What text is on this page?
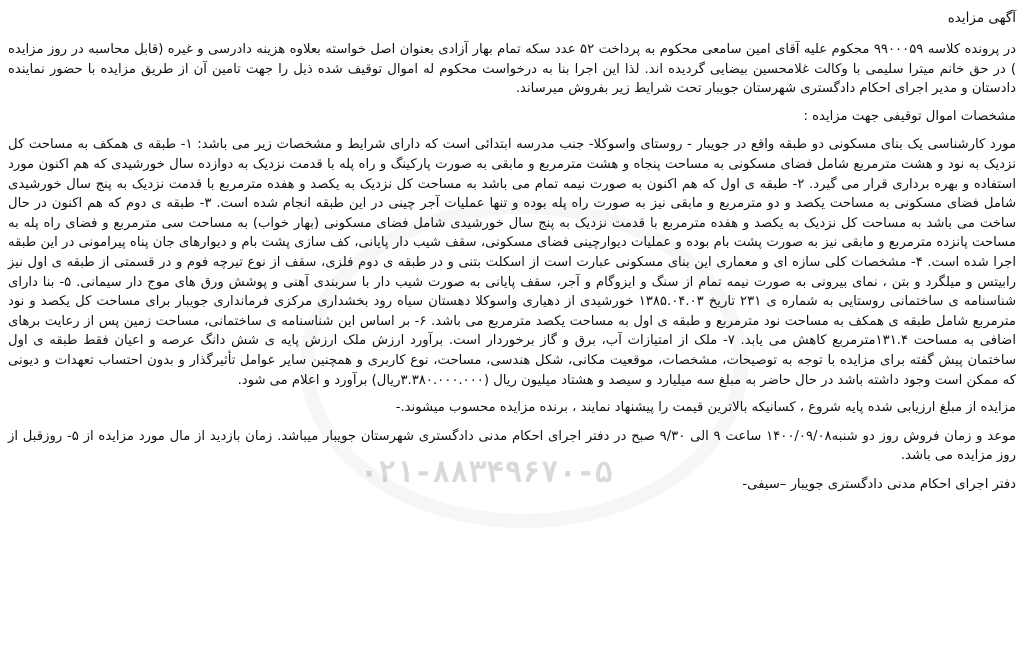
آگهی مزایده

در پرونده کلاسه ۹۹۰۰۰۵۹ محکوم علیه آقای امین سامعی محکوم به پرداخت ۵۲ عدد سکه تمام بهار آزادی بعنوان اصل خواسته بعلاوه هزینه دادرسی و غیره (قابل محاسبه در روز مزایده ) در حق خانم میترا سلیمی با وکالت غلامحسین بیضایی گردیده اند. لذا این اجرا بنا به درخواست محکوم له اموال توقیف شده ذیل را جهت تامین آن از طریق مزایده با حضور نماینده دادستان و مدیر اجرای احکام دادگستری شهرستان جویبار تحت شرایط زیر بفروش میرساند.

مشخصات اموال توقیفی جهت مزایده :

مورد کارشناسی یک بنای مسکونی دو طبقه واقع در جویبار - روستای واسوکلا- جنب مدرسه ابتدائی است که دارای شرایط و مشخصات زیر می باشد: ۱- طبقه ی همکف به مساحت کل نزدیک به نود و هشت مترمربع شامل فضای مسکونی به مساحت پنجاه و هشت مترمربع و مابقی به صورت پارکینگ و راه پله با قدمت نزدیک به دوازده سال خورشیدی که هم اکنون مورد استفاده و بهره برداری قرار می گیرد. ۲- طبقه ی اول که هم اکنون به صورت نیمه تمام می باشد به مساحت کل نزدیک به یکصد و هفده مترمربع با قدمت نزدیک به پنج سال خورشیدی شامل فضای مسکونی به مساحت یکصد و دو مترمربع و مابقی نیز به صورت راه پله بوده و تنها عملیات آجر چینی در این طبقه انجام شده است. ۳- طبقه ی دوم که هم اکنون در حال ساخت می باشد به مساحت کل نزدیک به یکصد و هفده مترمربع با قدمت نزدیک به پنج سال خورشیدی شامل فضای مسکونی (بهار خواب) به مساحت سی مترمربع و فضای راه پله به مساحت پانزده مترمربع و مابقی نیز به صورت پشت بام بوده و عملیات دیوارچینی فضای مسکونی، سقف شیب دار پایانی، کف سازی پشت بام و دیوارهای جان پناه پیرامونی در این طبقه اجرا شده است. ۴- مشخصات کلی سازه ای و معماری این بنای مسکونی عبارت است از اسکلت بتنی و در طبقه ی دوم فلزی، سقف از نوع تیرچه فوم و در قسمتی از طبقه ی اول نیز رابیتس و میلگرد و بتن ، نمای بیرونی به صورت نیمه تمام از سنگ و ایزوگام و آجر، سقف پایانی به صورت شیب دار با سربندی آهنی و پوشش ورق های موج دار سیمانی. ۵- بنا دارای شناسنامه ی ساختمانی روستایی به شماره ی ۲۳۱ تاریخ ۱۳۸۵.۰۴.۰۳ خورشیدی از دهیاری واسوکلا دهستان سیاه رود بخشداری مرکزی فرمانداری جویبار برای مساحت کل یکصد و نود مترمربع شامل طبقه ی همکف به مساحت نود مترمربع و طبقه ی اول به مساحت یکصد مترمربع می باشد. ۶- بر اساس این شناسنامه ی ساختمانی، مساحت زمین پس از رعایت برهای اضافی به مساحت ۱۳۱.۴مترمربع کاهش می یابد. ۷- ملک از امتیازات آب، برق و گاز برخوردار است. برآورد ارزش ملک ارزش پایه ی شش دانگ عرصه و اعیان فقط طبقه ی اول ساختمان پیش گفته برای مزایده با توجه به توصیحات، مشخصات، موقعیت مکانی، شکل هندسی، مساحت، نوع کاربری و همچنین سایر عوامل تأثیرگذار و بدون احتساب تعهدات و دیونی که ممکن است وجود داشته باشد در حال حاضر به مبلغ سه میلیارد و سیصد و هشتاد میلیون ریال (۳.۳۸۰.۰۰۰.۰۰۰ریال) برآورد و اعلام می شود.

مزایده از مبلغ ارزیابی شده پایه شروع ، کسانیکه بالاترین قیمت را پیشنهاد نمایند ، برنده مزایده محسوب میشوند.-

موعد و زمان فروش روز دو شنبه۱۴۰۰/۰۹/۰۸ ساعت ۹ الی ۹/۳۰ صبح در دفتر اجرای احکام مدنی دادگستری شهرستان جویبار میباشد. زمان بازدید از مال مورد مزایده از ۵- روزقبل از روز مزایده می باشد.

دفتر اجرای احکام مدنی دادگستری جویبار –سیفی-

۰۲۱-۸۸۳۴۹۶۷۰-۵
